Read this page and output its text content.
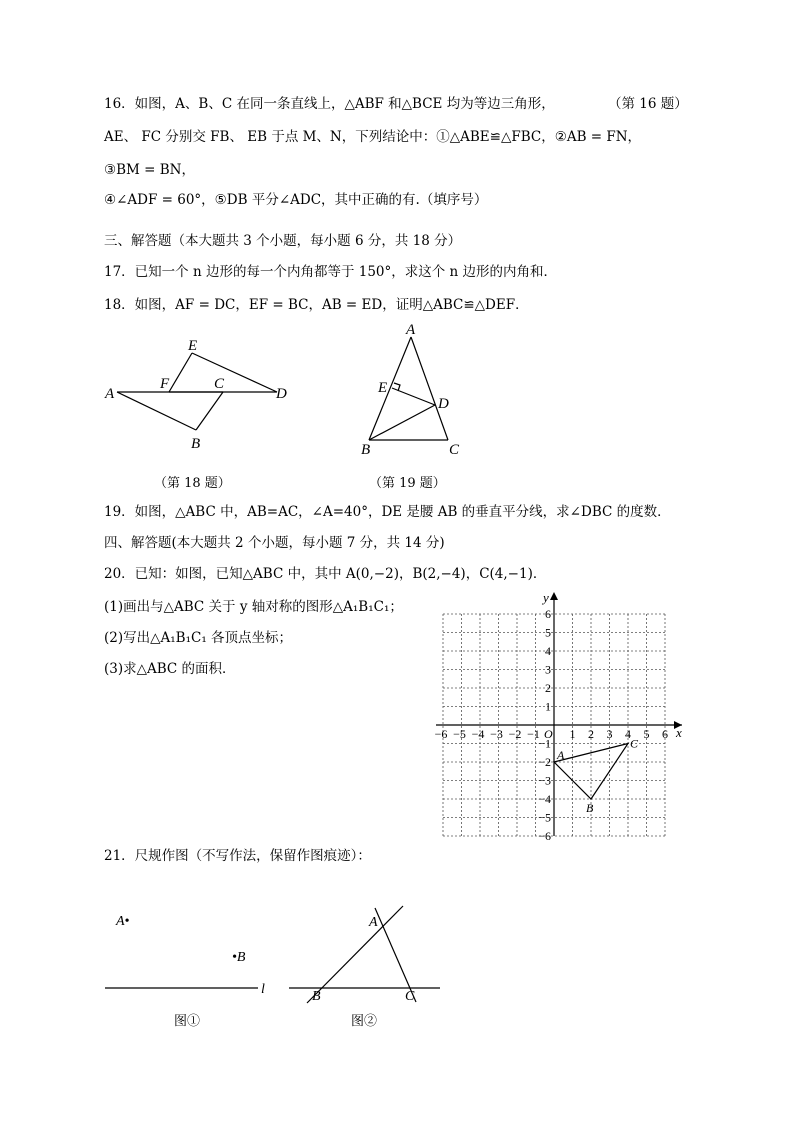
16．如图，A、B、C 在同一条直线上，△ABF 和△BCE 均为等边三角形，	（第 16 题）
AE、 FC 分别交 FB、 EB 于点 M、N，下列结论中：①△ABE≌△FBC，②AB = FN，
③BM = BN，
④∠ADF = 60°，⑤DB 平分∠ADC，其中正确的有.（填序号）
三、解答题（本大题共 3 个小题，每小题 6 分，共 18 分）
17．已知一个 n 边形的每一个内角都等于 150°，求这个 n 边形的内角和．
18．如图，AF = DC，EF = BC，AB = ED，证明△ABC≌△DEF．
A
B
C
D
E
F
（第 18 题）
A
B	C
D
E
（第 19 题）
19．如图，△ABC 中，AB=AC，∠A=40°，DE 是腰 AB 的垂直平分线，求∠DBC 的度数．
四、解答题(本大题共 2 个小题，每小题 7 分，共 14 分)
20．已知：如图，已知△ABC 中，其中 A(0,−2)，B(2,−4)，C(4,−1)．
(1)画出与△ABC 关于 y 轴对称的图形△A₁B₁C₁；
(2)写出△A₁B₁C₁ 各顶点坐标；
(3)求△ABC 的面积．
x
y
O
−6 −5 −4 −3 −2 −1 1 2 3 4 5 6
6
5
4
3
2
1
−1
−2
−3
−4
−5
−6
A
B
C
21．尺规作图（不写作法，保留作图痕迹）：
A•
•B
l
图①
A
B	C
图②
